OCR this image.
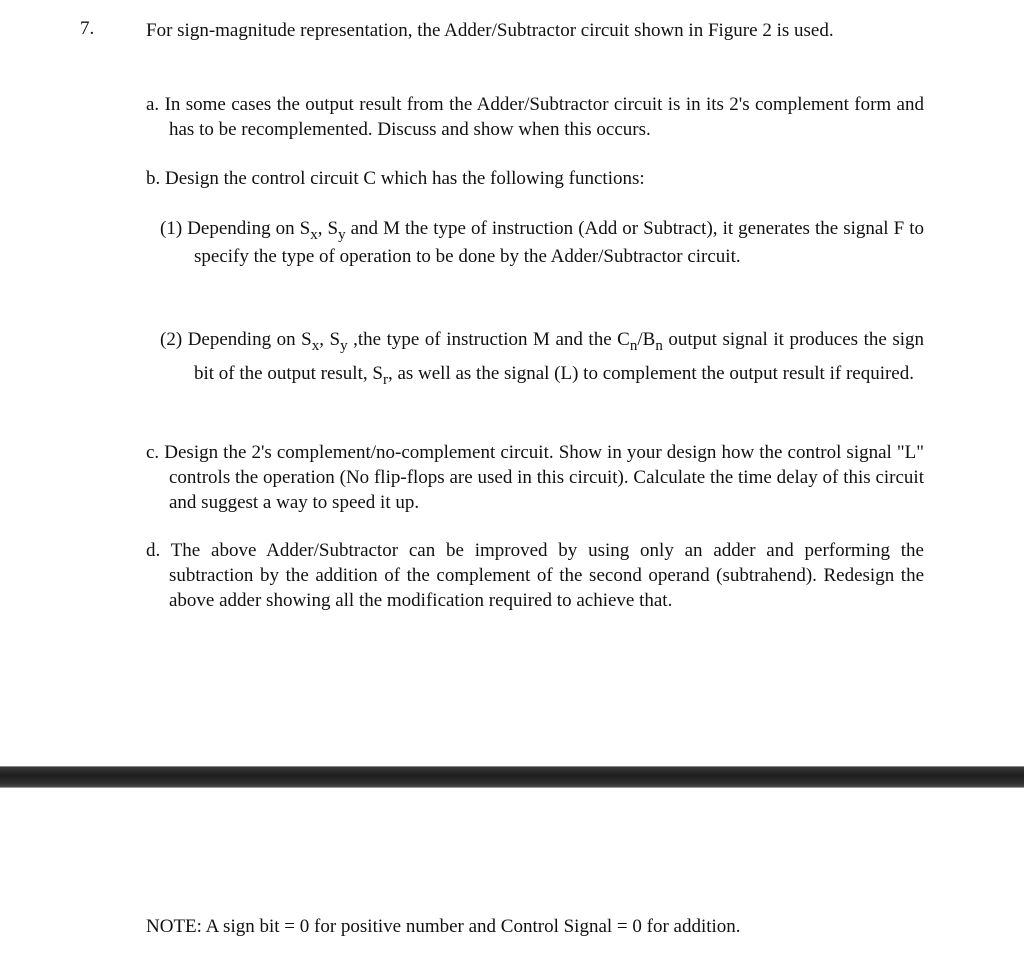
7.	For sign-magnitude representation, the Adder/Subtractor circuit shown in Figure 2 is used.
a. In some cases the output result from the Adder/Subtractor circuit is in its 2's complement form and has to be recomplemented. Discuss and show when this occurs.
b. Design the control circuit C which has the following functions:
(1) Depending on $S_x$, $S_y$ and M the type of instruction (Add or Subtract), it generates the signal F to specify the type of operation to be done by the Adder/Subtractor circuit.
(2) Depending on $S_x$, $S_y$ ,the type of instruction M and the $C_n/B_n$ output signal it produces the sign bit of the output result, $S_r$, as well as the signal (L) to complement the output result if required.
c. Design the 2's complement/no-complement circuit. Show in your design how the control signal "L" controls the operation (No flip-flops are used in this circuit). Calculate the time delay of this circuit and suggest a way to speed it up.
d. The above Adder/Subtractor can be improved by using only an adder and performing the subtraction by the addition of the complement of the second operand (subtrahend). Redesign the above adder showing all the modification required to achieve that.
NOTE: A sign bit = 0 for positive number and Control Signal = 0 for addition.
